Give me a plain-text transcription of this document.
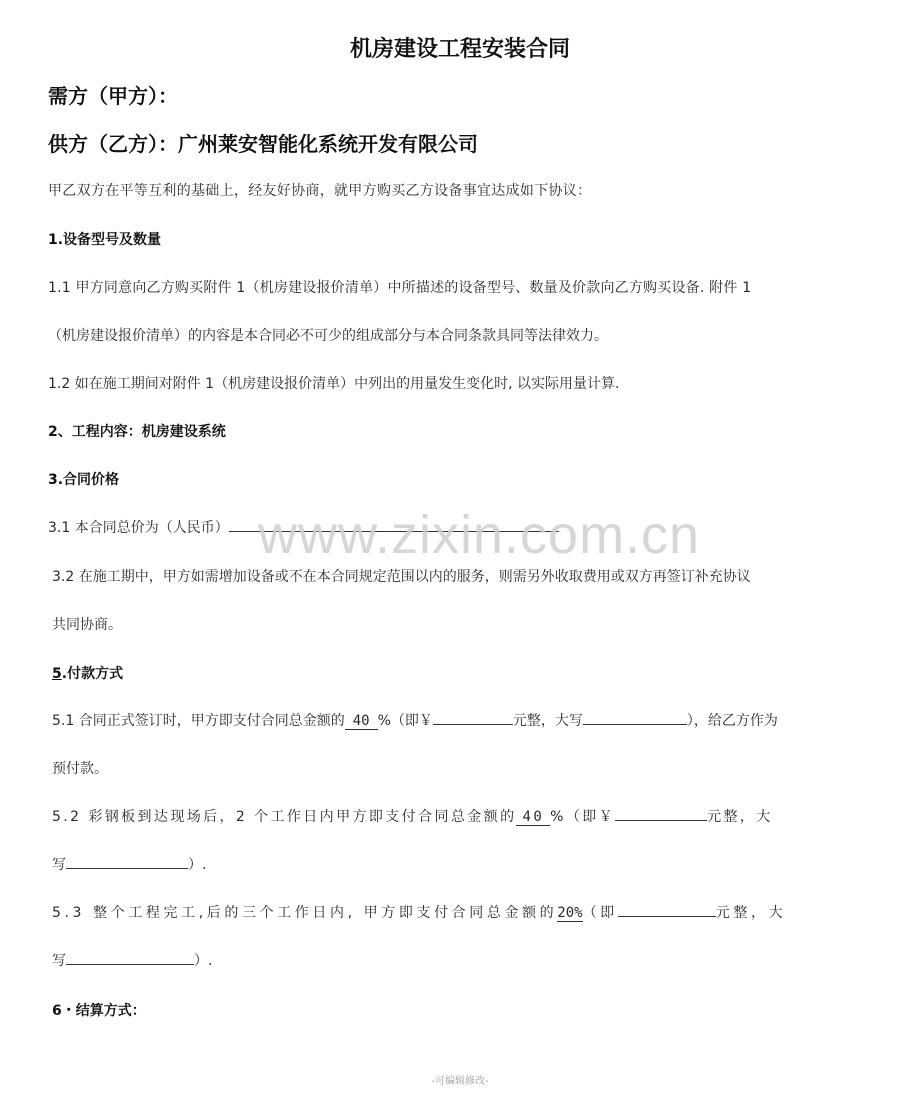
机房建设工程安装合同
需方（甲方）：
供方（乙方）：广州莱安智能化系统开发有限公司
甲乙双方在平等互利的基础上，经友好协商，就甲方购买乙方设备事宜达成如下协议：
1.设备型号及数量
1.1 甲方同意向乙方购买附件 1（机房建设报价清单）中所描述的设备型号、数量及价款向乙方购买设备. 附件 1
（机房建设报价清单）的内容是本合同必不可少的组成部分与本合同条款具同等法律效力。
1.2 如在施工期间对附件 1（机房建设报价清单）中列出的用量发生变化时, 以实际用量计算.
2、工程内容：机房建设系统
3.合同价格
3.1 本合同总价为（人民币）
3.2 在施工期中，甲方如需增加设备或不在本合同规定范围以内的服务，则需另外收取费用或双方再签订补充协议
共同协商。
5.付款方式
5.1 合同正式签订时，甲方即支付合同总金额的 40 %（即￥	元整，大写	），给乙方作为
预付款。
5.2 彩钢板到达现场后，2 个工作日内甲方即支付合同总金额的 40 %（即￥	元整，大
写	）.
5.3 整个工程完工,后的三个工作日内, 甲方即支付合同总金额的20%（即	元整，大
写	）.
6・结算方式：
www.zixin.com.cn
-可编辑修改-
